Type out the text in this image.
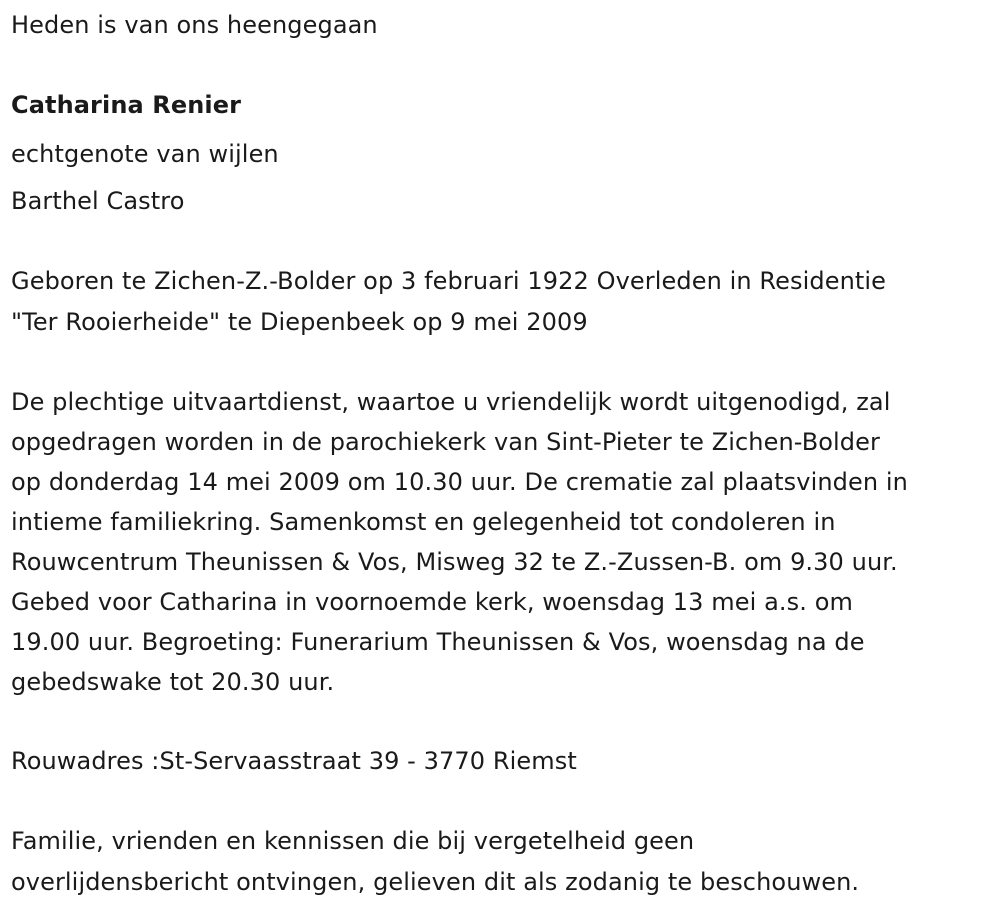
Heden is van ons heengegaan
Catharina Renier
echtgenote van wijlen
Barthel Castro
Geboren te Zichen-Z.-Bolder op 3 februari 1922 Overleden in Residentie
"Ter Rooierheide" te Diepenbeek op 9 mei 2009
De plechtige uitvaartdienst, waartoe u vriendelijk wordt uitgenodigd, zal
opgedragen worden in de parochiekerk van Sint-Pieter te Zichen-Bolder
op donderdag 14 mei 2009 om 10.30 uur. De crematie zal plaatsvinden in
intieme familiekring. Samenkomst en gelegenheid tot condoleren in
Rouwcentrum Theunissen & Vos, Misweg 32 te Z.-Zussen-B. om 9.30 uur.
Gebed voor Catharina in voornoemde kerk, woensdag 13 mei a.s. om
19.00 uur. Begroeting: Funerarium Theunissen & Vos, woensdag na de
gebedswake tot 20.30 uur.
Rouwadres :St-Servaasstraat 39 - 3770 Riemst
Familie, vrienden en kennissen die bij vergetelheid geen
overlijdensbericht ontvingen, gelieven dit als zodanig te beschouwen.
